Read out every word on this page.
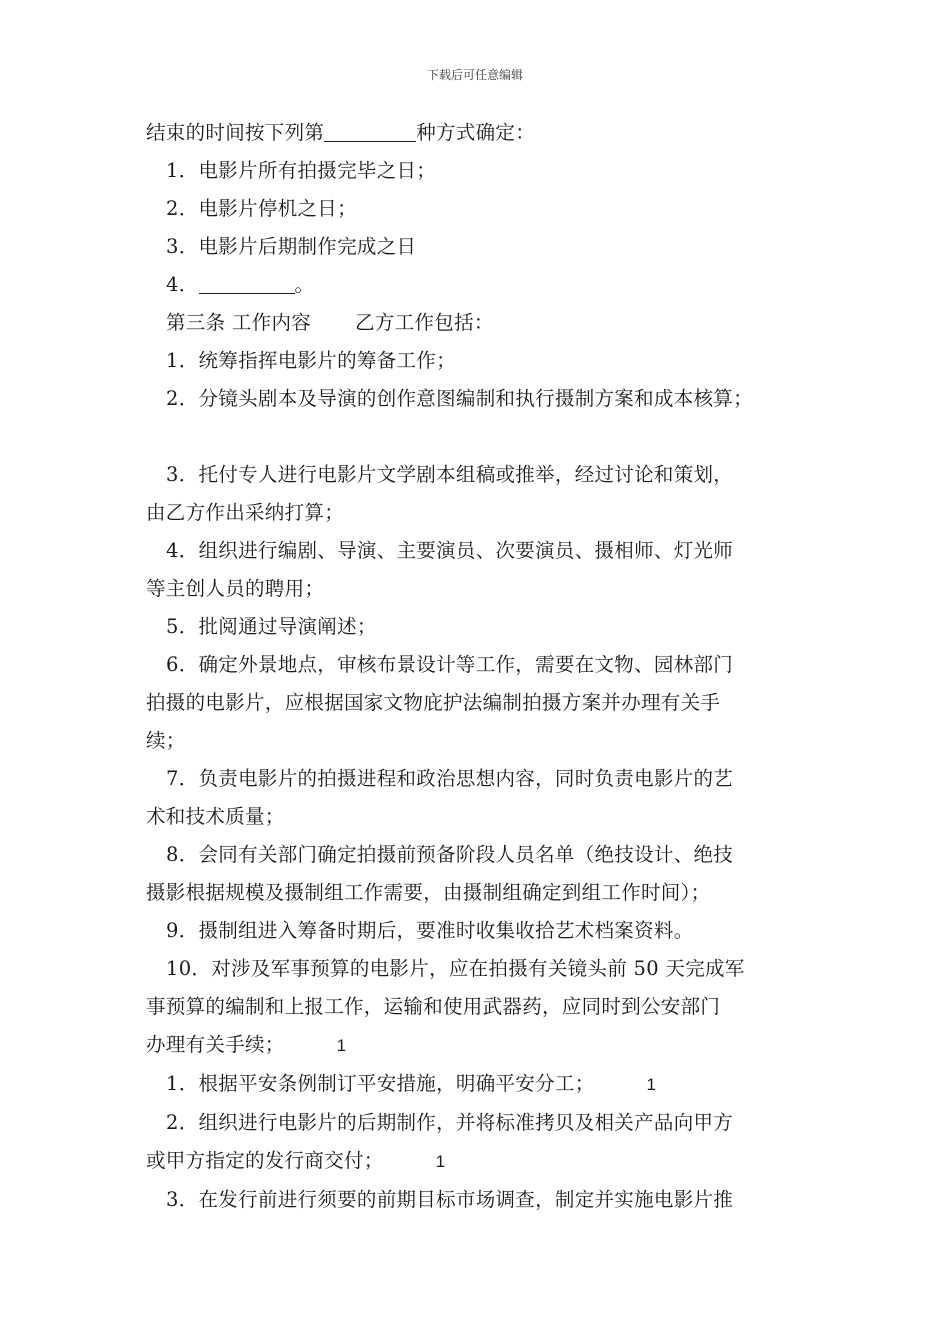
下载后可任意编辑

结束的时间按下列第	种方式确定：

1．电影片所有拍摄完毕之日；

2．电影片停机之日；

3．电影片后期制作完成之日

4．	。

第三条 工作内容 乙方工作包括：

1．统筹指挥电影片的筹备工作；

2．分镜头剧本及导演的创作意图编制和执行摄制方案和成本核算；

3．托付专人进行电影片文学剧本组稿或推举，经过讨论和策划，

由乙方作出采纳打算；

4．组织进行编剧、导演、主要演员、次要演员、摄相师、灯光师

等主创人员的聘用；

5．批阅通过导演阐述；

6．确定外景地点，审核布景设计等工作，需要在文物、园林部门

拍摄的电影片，应根据国家文物庇护法编制拍摄方案并办理有关手

续；

7．负责电影片的拍摄进程和政治思想内容，同时负责电影片的艺

术和技术质量；

8．会同有关部门确定拍摄前预备阶段人员名单（绝技设计、绝技

摄影根据规模及摄制组工作需要，由摄制组确定到组工作时间）；

9．摄制组进入筹备时期后，要准时收集收拾艺术档案资料。

10．对涉及军事预算的电影片，应在拍摄有关镜头前 50 天完成军

事预算的编制和上报工作，运输和使用武器药，应同时到公安部门

办理有关手续；	1

1．根据平安条例制订平安措施，明确平安分工；	1

2．组织进行电影片的后期制作，并将标准拷贝及相关产品向甲方

或甲方指定的发行商交付；	1

3．在发行前进行须要的前期目标市场调查，制定并实施电影片推
